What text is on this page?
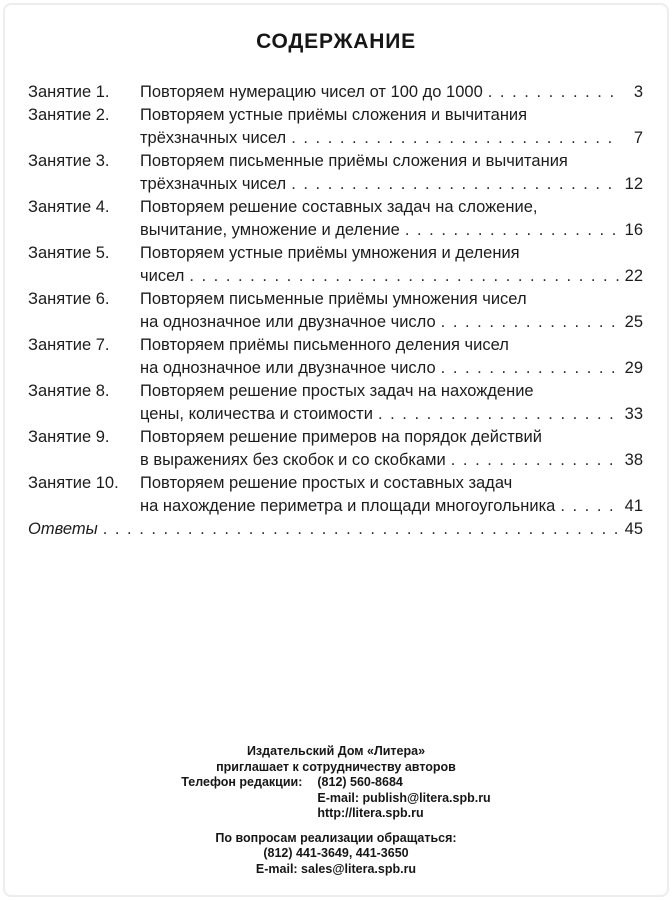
СОДЕРЖАНИЕ
Занятие 1.	Повторяем нумерацию чисел от 100 до 1000 . . .	3
Занятие 2.	Повторяем устные приёмы сложения и вычитания
трёхзначных чисел . . .	7
Занятие 3.	Повторяем письменные приёмы сложения и вычитания
трёхзначных чисел . . .	12
Занятие 4.	Повторяем решение составных задач на сложение,
вычитание, умножение и деление . . .	16
Занятие 5.	Повторяем устные приёмы умножения и деления
чисел . . .	22
Занятие 6.	Повторяем письменные приёмы умножения чисел
на однозначное или двузначное число . . .	25
Занятие 7.	Повторяем приёмы письменного деления чисел
на однозначное или двузначное число . . .	29
Занятие 8.	Повторяем решение простых задач на нахождение
цены, количества и стоимости . . .	33
Занятие 9.	Повторяем решение примеров на порядок действий
в выражениях без скобок и со скобками . . .	38
Занятие 10.	Повторяем решение простых и составных задач
на нахождение периметра и площади многоугольника . . .	41
Ответы . . .	45
Издательский Дом «Литера»
приглашает к сотрудничеству авторов
Телефон редакции: (812) 560-8684
E-mail: publish@litera.spb.ru
http://litera.spb.ru
По вопросам реализации обращаться:
(812) 441-3649, 441-3650
E-mail: sales@litera.spb.ru
